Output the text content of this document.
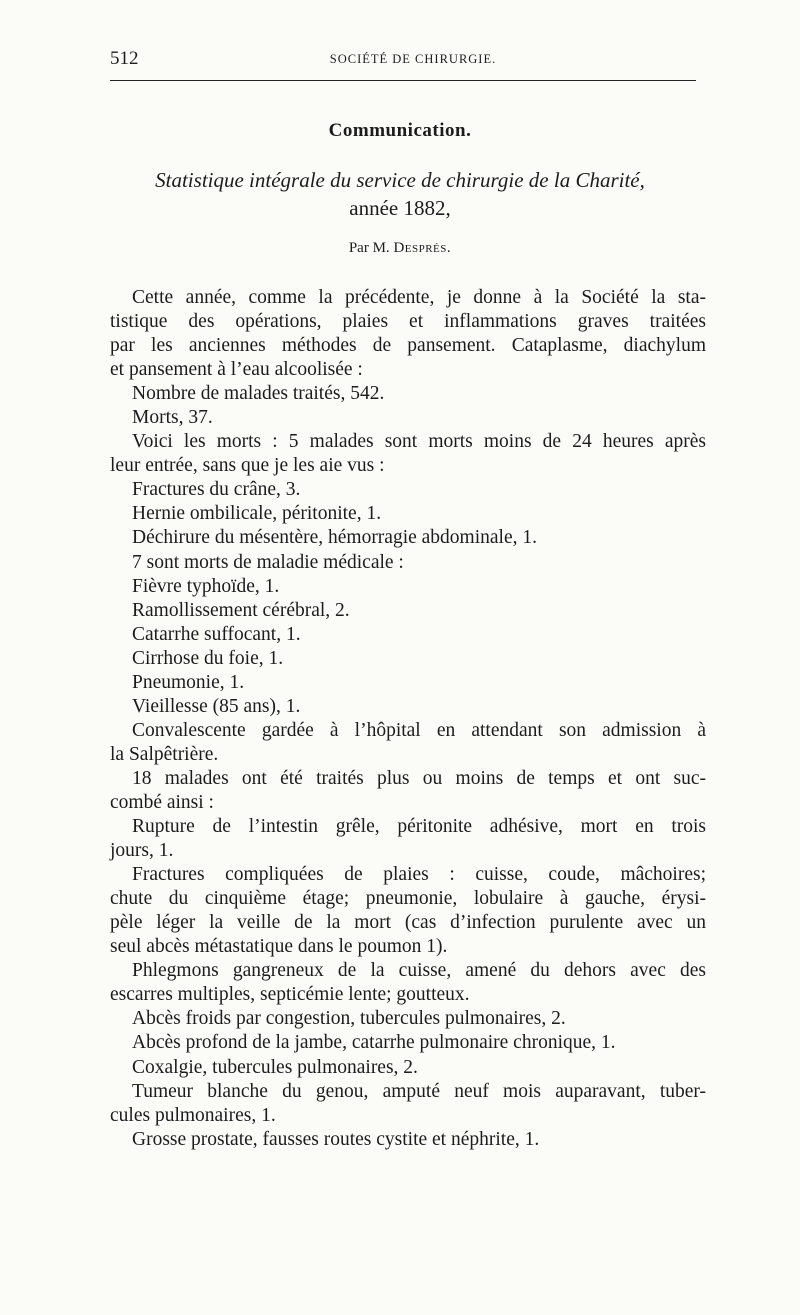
512	SOCIÉTÉ DE CHIRURGIE.
Communication.
Statistique intégrale du service de chirurgie de la Charité,
année 1882,
Par M. Després.
Cette année, comme la précédente, je donne à la Société la sta-
tistique des opérations, plaies et inflammations graves traitées
par les anciennes méthodes de pansement. Cataplasme, diachylum
et pansement à l’eau alcoolisée :
Nombre de malades traités, 542.
Morts, 37.
Voici les morts : 5 malades sont morts moins de 24 heures après
leur entrée, sans que je les aie vus :
Fractures du crâne, 3.
Hernie ombilicale, péritonite, 1.
Déchirure du mésentère, hémorragie abdominale, 1.
7 sont morts de maladie médicale :
Fièvre typhoïde, 1.
Ramollissement cérébral, 2.
Catarrhe suffocant, 1.
Cirrhose du foie, 1.
Pneumonie, 1.
Vieillesse (85 ans), 1.
Convalescente gardée à l’hôpital en attendant son admission à
la Salpêtrière.
18 malades ont été traités plus ou moins de temps et ont suc-
combé ainsi :
Rupture de l’intestin grêle, péritonite adhésive, mort en trois
jours, 1.
Fractures compliquées de plaies : cuisse, coude, mâchoires;
chute du cinquième étage; pneumonie, lobulaire à gauche, érysi-
pèle léger la veille de la mort (cas d’infection purulente avec un
seul abcès métastatique dans le poumon 1).
Phlegmons gangreneux de la cuisse, amené du dehors avec des
escarres multiples, septicémie lente; goutteux.
Abcès froids par congestion, tubercules pulmonaires, 2.
Abcès profond de la jambe, catarrhe pulmonaire chronique, 1.
Coxalgie, tubercules pulmonaires, 2.
Tumeur blanche du genou, amputé neuf mois auparavant, tuber-
cules pulmonaires, 1.
Grosse prostate, fausses routes cystite et néphrite, 1.
